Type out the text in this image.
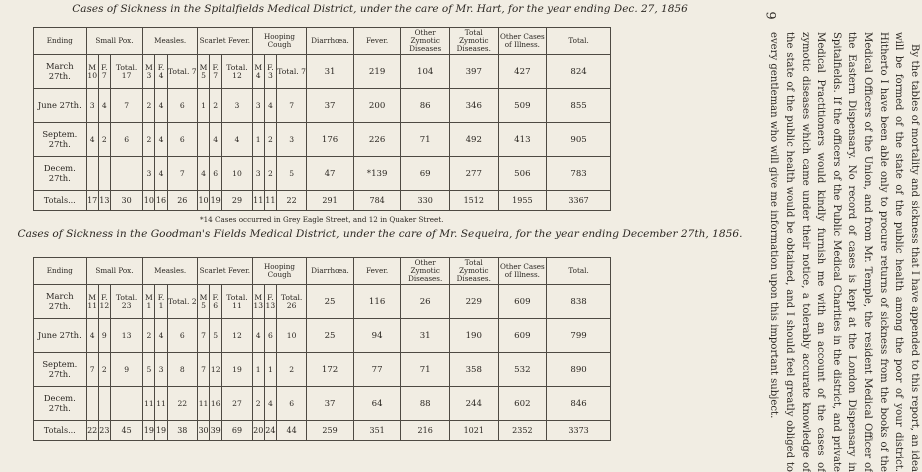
9
Cases of Sickness in the Spitalfields Medical District, under the care of Mr. Hart, for the year ending Dec. 27, 1856
Ending	Small Pox.			Measles.			Scarlet Fever.			Hooping Cough			Diarrhœa.	Fever.	Other Zymotic Diseases	Total Zymotic Diseases.	Other Cases of Illness.	Total.
March 27th.	M 10	F. 7	Total. 17	M 3	F. 4	Total. 7	M 5	F. 7	Total. 12	M 4	F. 3	Total. 7	31	219	104	397	427	824
June 27th.	3	4	7	2	4	6	1	2	3	3	4	7	37	200	86	346	509	855
Septem. 27th.	4	2	6	2	4	6		4	4	1	2	3	176	226	71	492	413	905
Decem. 27th.				3	4	7	4	6	10	3	2	5	47	*139	69	277	506	783
Totals...	17	13	30	10	16	26	10	19	29	11	11	22	291	784	330	1512	1955	3367
*14 Cases occurred in Grey Eagle Street, and 12 in Quaker Street.
Cases of Sickness in the Goodman's Fields Medical District, under the care of Mr. Sequeira, for the year ending December 27th, 1856.
Ending	Small Pox.			Measles.			Scarlet Fever.			Hooping Cough			Diarrhœa.	Fever.	Other Zymotic Diseases.	Total Zymotic Diseases.	Other Cases of Illness.	Total.
March 27th.	M 11	F. 12	Total. 23	M 1	F. 1	Total. 2	M 5	F. 6	Total. 11	M 13	F. 13	Total. 26	25	116	26	229	609	838
June 27th.	4	9	13	2	4	6	7	5	12	4	6	10	25	94	31	190	609	799
Septem. 27th.	7	2	9	5	3	8	7	12	19	1	1	2	172	77	71	358	532	890
Decem. 27th.				11	11	22	11	16	27	2	4	6	37	64	88	244	602	846
Totals...	22	23	45	19	19	38	30	39	69	20	24	44	259	351	216	1021	2352	3373	By the tables of mortality and sickness that I have appended to this report, an idea will be formed of the state of the public health among the poor of your district. Hitherto I have been able only to procure returns of sickness from the books of the Medical Officers of the Union, and from Mr. Temple, the resident Medical Officer of the Eastern Dispensary. No record of cases is kept at the London Dispensary in Spitalfields. If the officers of the Public Medical Charities in the district, and private Medical Practitioners would kindly furnish me with an account of the cases of zymotic diseases which came under their notice, a tolerably accurate knowledge of the state of the public health would be obtained, and I should feel greatly obliged to every gentleman who will give me information upon this important subject.
